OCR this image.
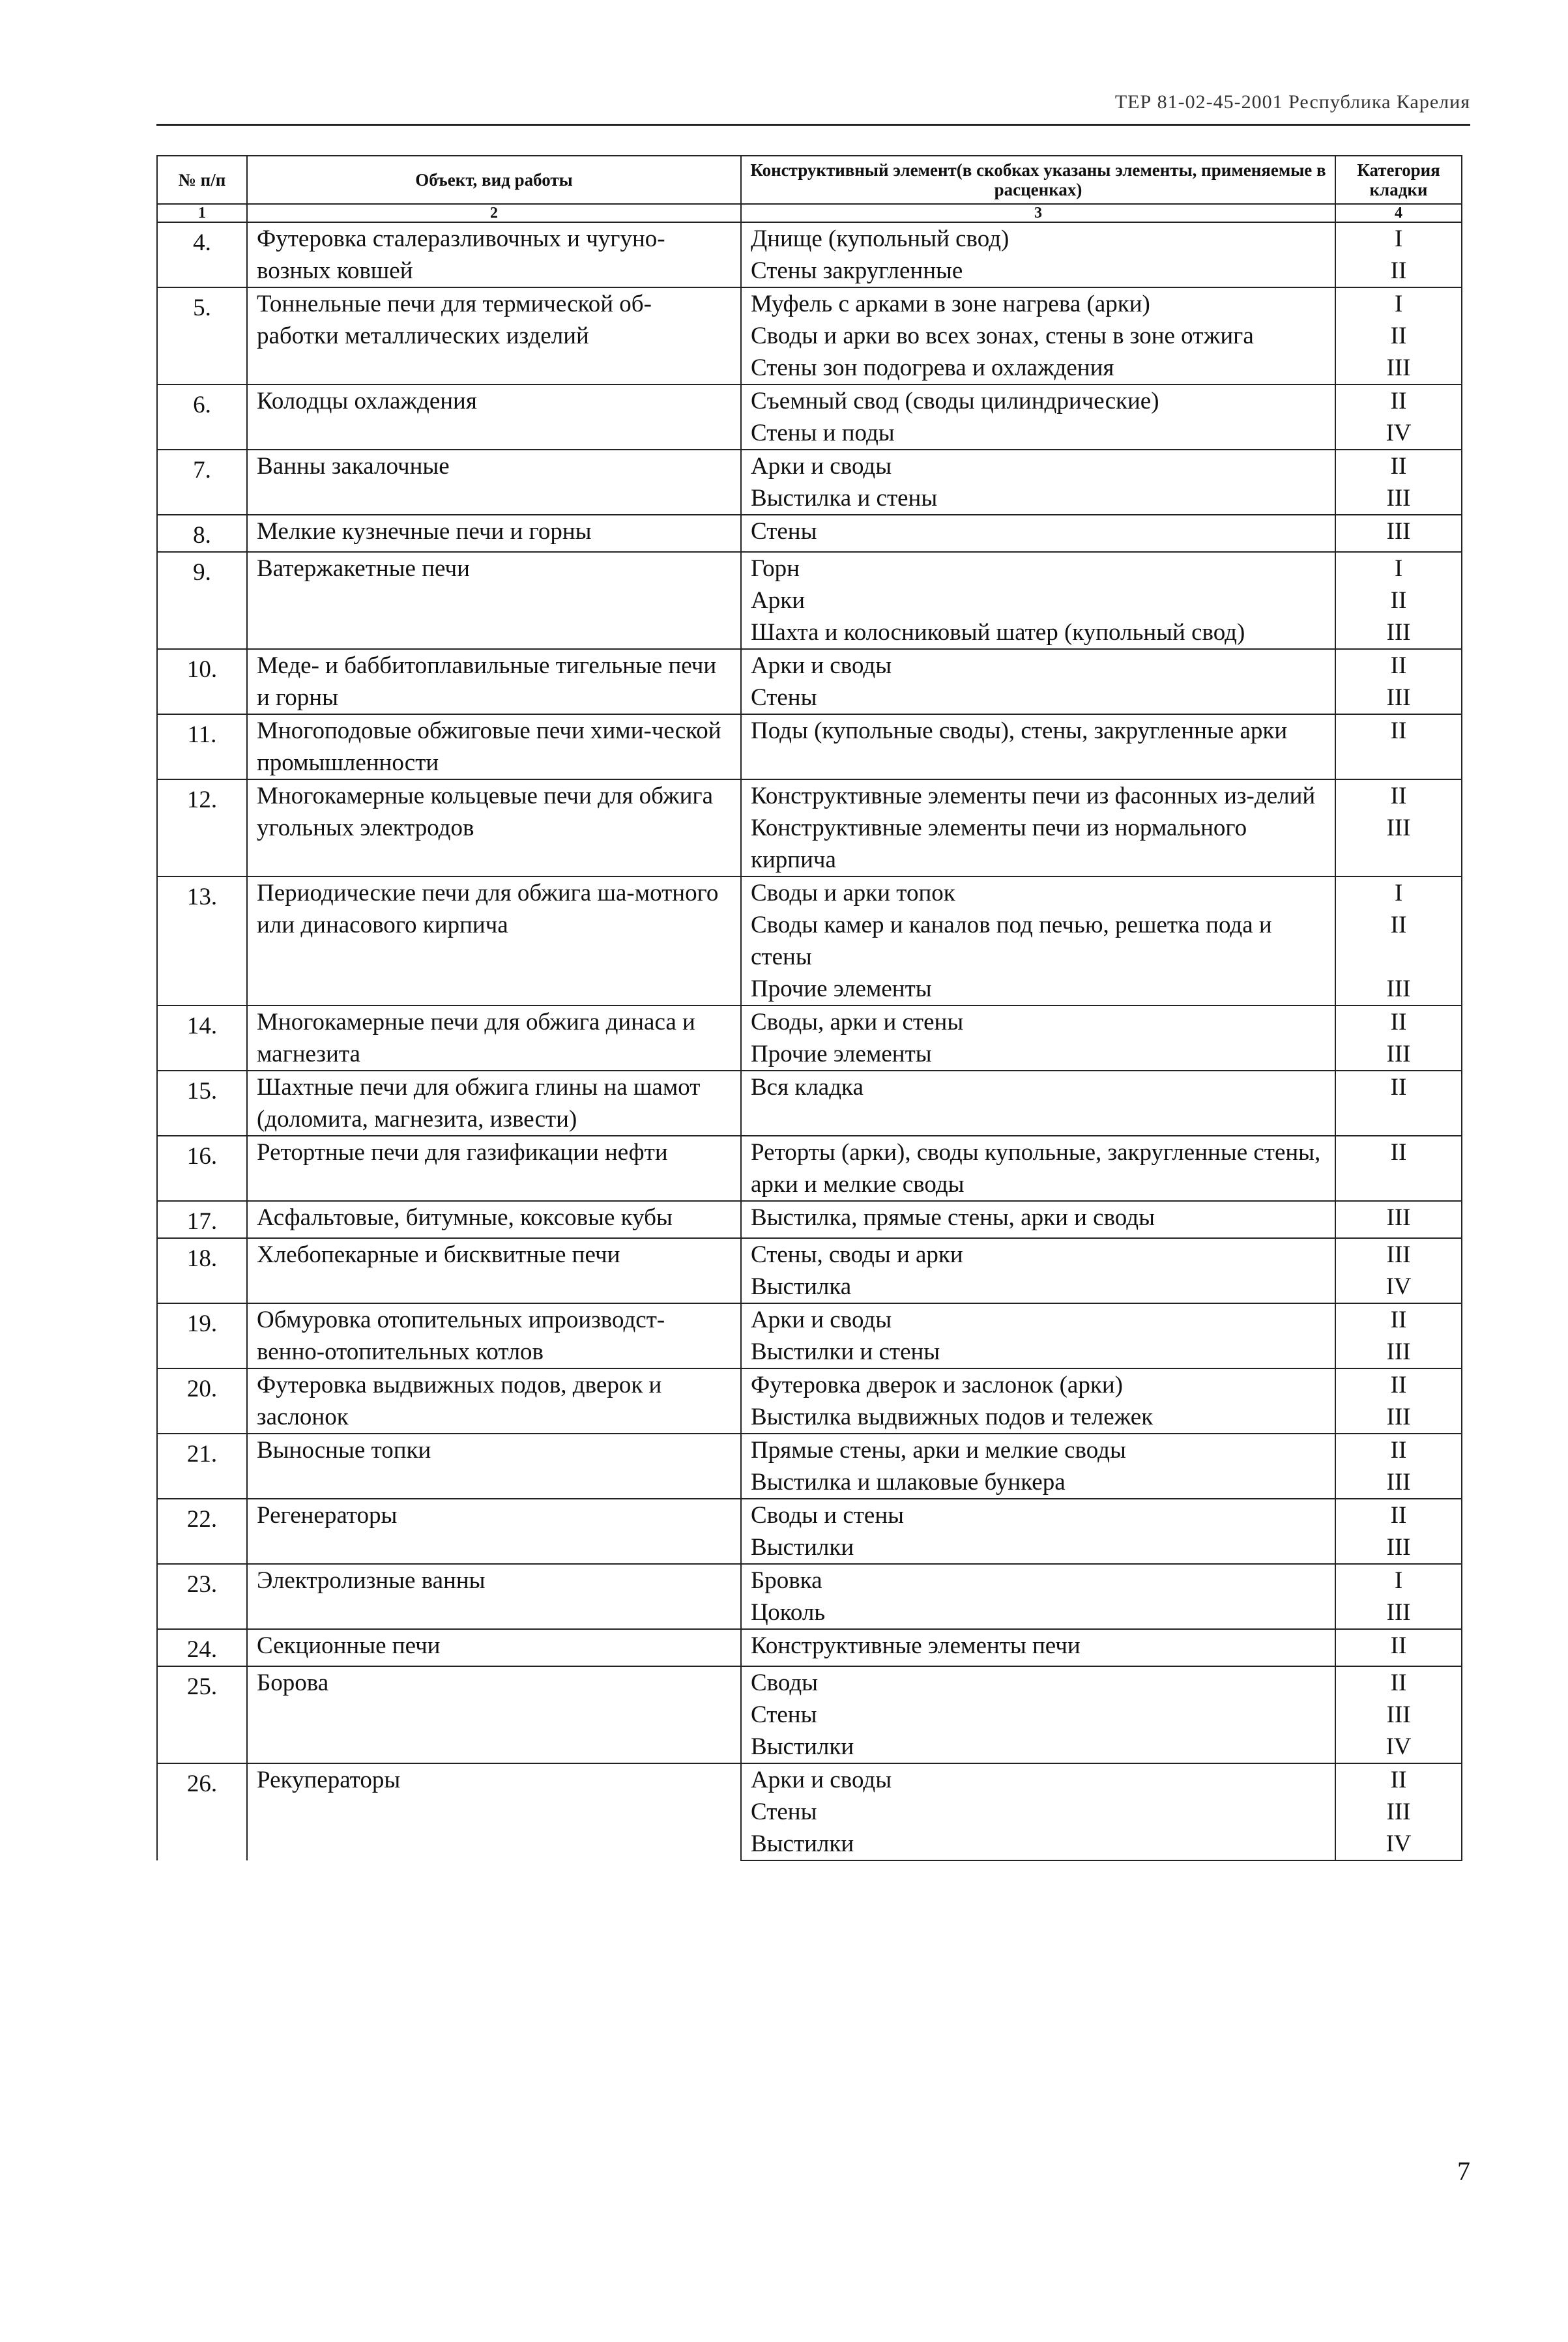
ТЕР 81-02-45-2001 Республика Карелия
№ п/п	Объект, вид работы	Конструктивный элемент(в скобках указаны элементы, применяемые в расценках)	Категория кладки
1	2	3	4
4.	Футеровка сталеразливочных и чугуно-возных ковшей	Днище (купольный свод)	I
		Стены закругленные	II
5.	Тоннельные печи для термической об-работки металлических изделий	Муфель с арками в зоне нагрева (арки)	I
		Своды и арки во всех зонах, стены в зоне отжига	II
		Стены зон подогрева и охлаждения	III
6.	Колодцы охлаждения	Съемный свод (своды цилиндрические)	II
		Стены и поды	IV
7.	Ванны закалочные	Арки и своды	II
		Выстилка и стены	III
8.	Мелкие кузнечные печи и горны	Стены	III
9.	Ватержакетные печи	Горн	I
		Арки	II
		Шахта и колосниковый шатер (купольный свод)	III
10.	Меде- и баббитоплавильные тигельные печи и горны	Арки и своды	II
		Стены	III
11.	Многоподовые обжиговые печи хими-ческой промышленности	Поды (купольные своды), стены, закругленные арки	II
12.	Многокамерные кольцевые печи для обжига угольных электродов	Конструктивные элементы печи из фасонных из-делий	II
		Конструктивные элементы печи из нормального кирпича	III
13.	Периодические печи для обжига ша-мотного или динасового кирпича	Своды и арки топок	I
		Своды камер и каналов под печью, решетка пода и стены	II
		Прочие элементы	III
14.	Многокамерные печи для обжига динаса и магнезита	Своды, арки и стены	II
		Прочие элементы	III
15.	Шахтные печи для обжига глины на шамот (доломита, магнезита, извести)	Вся кладка	II
16.	Ретортные печи для газификации нефти	Реторты (арки), своды купольные, закругленные стены, арки и мелкие своды	II
17.	Асфальтовые, битумные, коксовые кубы	Выстилка, прямые стены, арки и своды	III
18.	Хлебопекарные и бисквитные печи	Стены, своды и арки	III
		Выстилка	IV
19.	Обмуровка отопительных ипроизводст-венно-отопительных котлов	Арки и своды	II
		Выстилки и стены	III
20.	Футеровка выдвижных подов, дверок и заслонок	Футеровка дверок и заслонок (арки)	II
		Выстилка выдвижных подов и тележек	III
21.	Выносные топки	Прямые стены, арки и мелкие своды	II
		Выстилка и шлаковые бункера	III
22.	Регенераторы	Своды и стены	II
		Выстилки	III
23.	Электролизные ванны	Бровка	I
		Цоколь	III
24.	Секционные печи	Конструктивные элементы печи	II
25.	Борова	Своды	II
		Стены	III
		Выстилки	IV
26.	Рекуператоры	Арки и своды	II
		Стены	III
		Выстилки	IV
7
